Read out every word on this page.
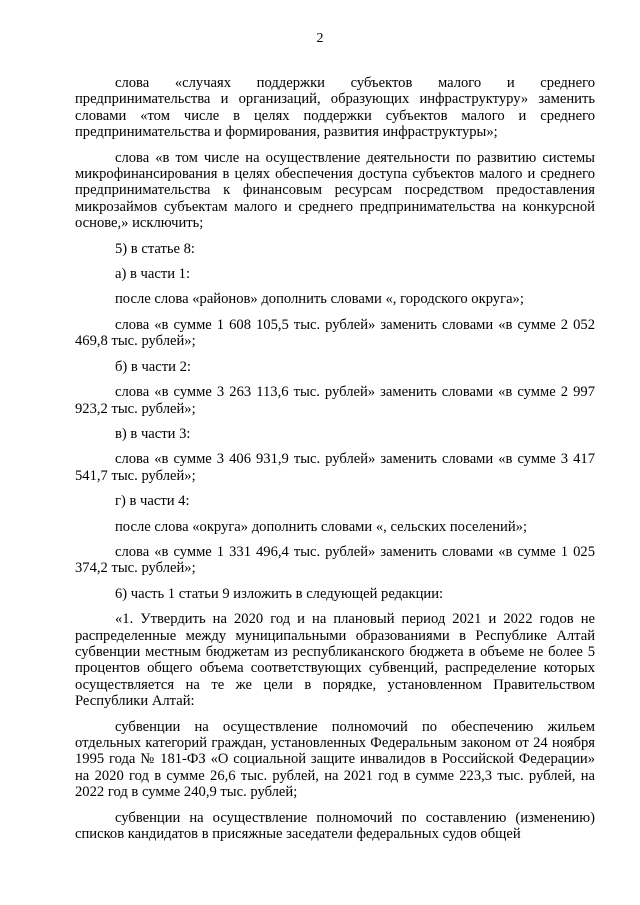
2

слова «случаях поддержки субъектов малого и среднего предпринимательства и организаций, образующих инфраструктуру» заменить словами «том числе в целях поддержки субъектов малого и среднего предпринимательства и формирования, развития инфраструктуры»;

слова «в том числе на осуществление деятельности по развитию системы микрофинансирования в целях обеспечения доступа субъектов малого и среднего предпринимательства к финансовым ресурсам посредством предоставления микрозаймов субъектам малого и среднего предпринимательства на конкурсной основе,» исключить;

5) в статье 8:

а) в части 1:

после слова «районов» дополнить словами «, городского округа»;

слова «в сумме 1 608 105,5 тыс. рублей» заменить словами «в сумме 2 052 469,8 тыс. рублей»;

б) в части 2:

слова «в сумме 3 263 113,6 тыс. рублей» заменить словами «в сумме 2 997 923,2 тыс. рублей»;

в) в части 3:

слова «в сумме 3 406 931,9 тыс. рублей» заменить словами «в сумме 3 417 541,7 тыс. рублей»;

г) в части 4:

после слова «округа» дополнить словами «, сельских поселений»;

слова «в сумме 1 331 496,4 тыс. рублей» заменить словами «в сумме 1 025 374,2 тыс. рублей»;

6) часть 1 статьи 9 изложить в следующей редакции:

«1. Утвердить на 2020 год и на плановый период 2021 и 2022 годов не распределенные между муниципальными образованиями в Республике Алтай субвенции местным бюджетам из республиканского бюджета в объеме не более 5 процентов общего объема соответствующих субвенций, распределение которых осуществляется на те же цели в порядке, установленном Правительством Республики Алтай:

субвенции на осуществление полномочий по обеспечению жильем отдельных категорий граждан, установленных Федеральным законом от 24 ноября 1995 года № 181-ФЗ «О социальной защите инвалидов в Российской Федерации» на 2020 год в сумме 26,6 тыс. рублей, на 2021 год в сумме 223,3 тыс. рублей, на 2022 год в сумме 240,9 тыс. рублей;

субвенции на осуществление полномочий по составлению (изменению) списков кандидатов в присяжные заседатели федеральных судов общей
